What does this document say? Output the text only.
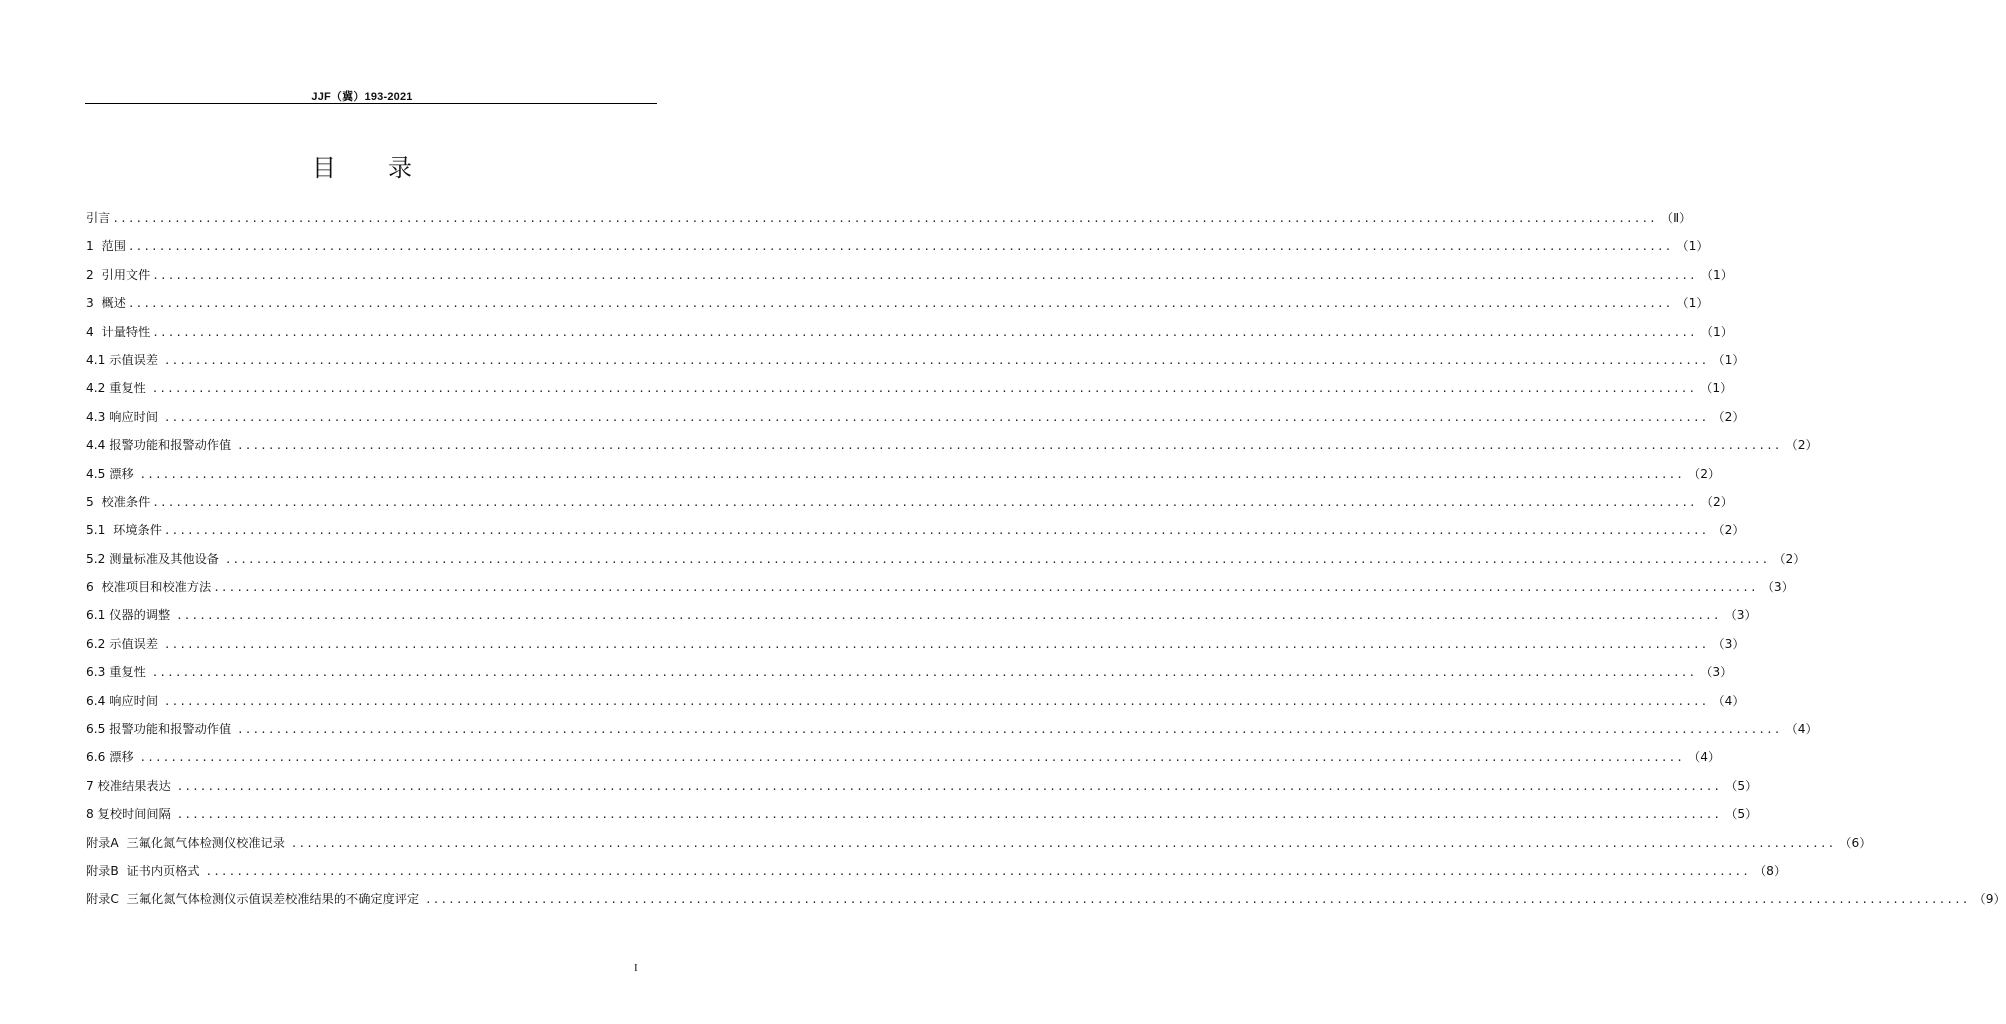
JJF（冀）193-2021
目录
引言 ........................................................................................................................................................................................................ （Ⅱ）
1  范围 ........................................................................................................................................................................................................ （1）
2  引用文件 ........................................................................................................................................................................................................ （1）
3  概述 ........................................................................................................................................................................................................ （1）
4  计量特性 ........................................................................................................................................................................................................ （1）
4.1 示值误差 ........................................................................................................................................................................................................ （1）
4.2 重复性 ........................................................................................................................................................................................................ （1）
4.3 响应时间 ........................................................................................................................................................................................................ （2）
4.4 报警功能和报警动作值 ........................................................................................................................................................................................................ （2）
4.5 漂移 ........................................................................................................................................................................................................ （2）
5  校准条件 ........................................................................................................................................................................................................ （2）
5.1  环境条件 ........................................................................................................................................................................................................ （2）
5.2 测量标准及其他设备 ........................................................................................................................................................................................................ （2）
6  校准项目和校准方法 ........................................................................................................................................................................................................ （3）
6.1 仪器的调整 ........................................................................................................................................................................................................ （3）
6.2 示值误差 ........................................................................................................................................................................................................ （3）
6.3 重复性 ........................................................................................................................................................................................................ （3）
6.4 响应时间 ........................................................................................................................................................................................................ （4）
6.5 报警功能和报警动作值 ........................................................................................................................................................................................................ （4）
6.6 漂移 ........................................................................................................................................................................................................ （4）
7 校准结果表达 ........................................................................................................................................................................................................ （5）
8 复校时间间隔 ........................................................................................................................................................................................................ （5）
附录A  三氟化氮气体检测仪校准记录 ........................................................................................................................................................................................................ （6）
附录B  证书内页格式 ........................................................................................................................................................................................................ （8）
附录C  三氟化氮气体检测仪示值误差校准结果的不确定度评定 ........................................................................................................................................................................................................ （9）
I
